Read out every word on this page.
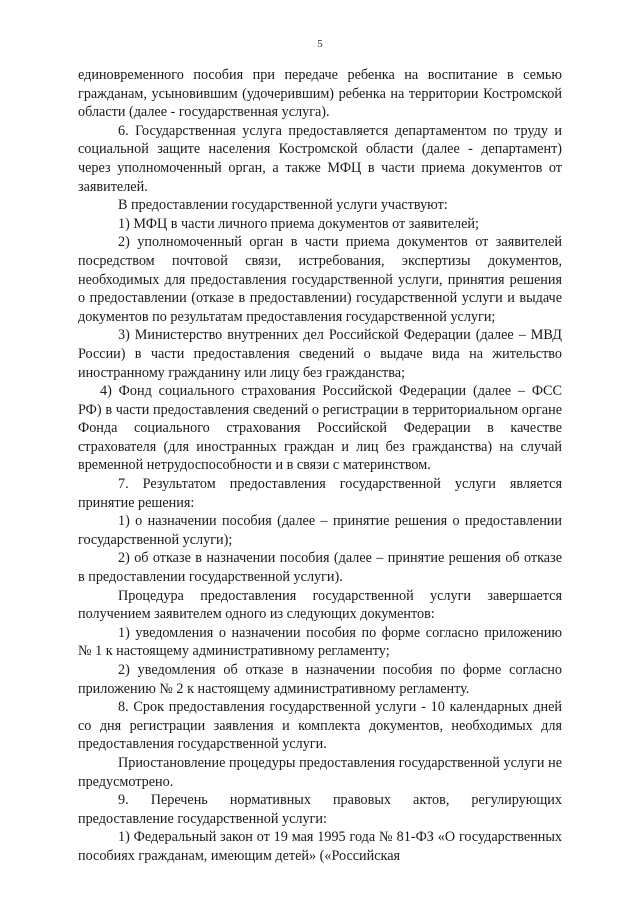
5

единовременного пособия при передаче ребенка на воспитание в семью гражданам, усыновившим (удочерившим) ребенка на территории Костромской области (далее - государственная услуга).

6. Государственная услуга предоставляется департаментом по труду и социальной защите населения Костромской области (далее - департамент) через уполномоченный орган, а также МФЦ в части приема документов от заявителей.

В предоставлении государственной услуги участвуют:

1) МФЦ в части личного приема документов от заявителей;

2) уполномоченный орган в части приема документов от заявителей посредством почтовой связи, истребования, экспертизы документов, необходимых для предоставления государственной услуги, принятия решения о предоставлении (отказе в предоставлении) государственной услуги и выдаче документов по результатам предоставления государственной услуги;

3) Министерство внутренних дел Российской Федерации (далее – МВД России) в части предоставления сведений о выдаче вида на жительство иностранному гражданину или лицу без гражданства;

4) Фонд социального страхования Российской Федерации (далее – ФСС РФ) в части предоставления сведений о регистрации в территориальном органе Фонда социального страхования Российской Федерации в качестве страхователя (для иностранных граждан и лиц без гражданства) на случай временной нетрудоспособности и в связи с материнством.

7. Результатом предоставления государственной услуги является принятие решения:

1) о назначении пособия (далее – принятие решения о предоставлении государственной услуги);

2) об отказе в назначении пособия (далее – принятие решения об отказе в предоставлении государственной услуги).

Процедура предоставления государственной услуги завершается получением заявителем одного из следующих документов:

1) уведомления о назначении пособия по форме согласно приложению № 1 к настоящему административному регламенту;

2) уведомления об отказе в назначении пособия по форме согласно приложению № 2 к настоящему административному регламенту.

8. Срок предоставления государственной услуги - 10 календарных дней со дня регистрации заявления и комплекта документов, необходимых для предоставления государственной услуги.

Приостановление процедуры предоставления государственной услуги не предусмотрено.

9. Перечень нормативных правовых актов, регулирующих предоставление государственной услуги:

1) Федеральный закон от 19 мая 1995 года № 81-ФЗ «О государственных пособиях гражданам, имеющим детей» («Российская
